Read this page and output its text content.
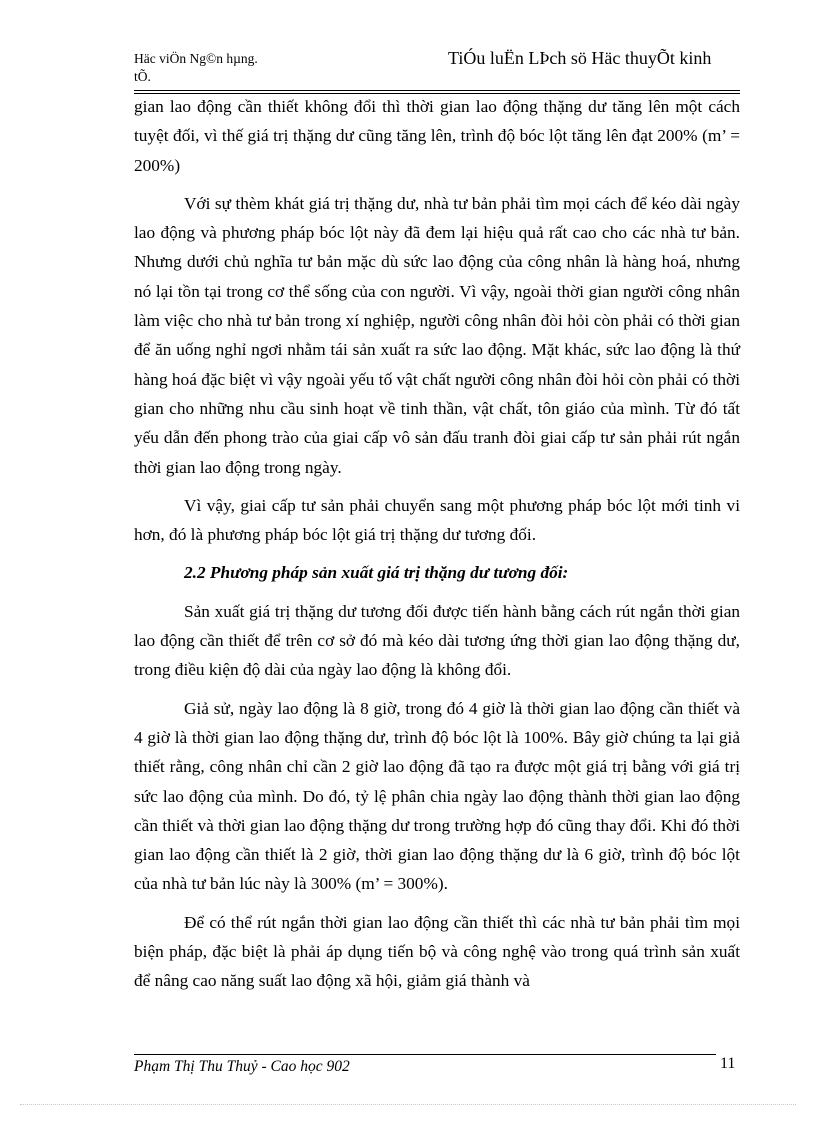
Häc viÖn Ng©n hµng.
tÕ.
TiÓu luËn LÞch sö Häc thuyÕt kinh

gian lao động cần thiết không đổi thì thời gian lao động thặng dư tăng lên một cách tuyệt đối, vì thế giá trị thặng dư cũng tăng lên, trình độ bóc lột tăng lên đạt 200% (m’ = 200%)

Với sự thèm khát giá trị thặng dư, nhà tư bản phải tìm mọi cách để kéo dài ngày lao động và phương pháp bóc lột này đã đem lại hiệu quả rất cao cho các nhà tư bản. Nhưng dưới chủ nghĩa tư bản mặc dù sức lao động của công nhân là hàng hoá, nhưng nó lại tồn tại trong cơ thể sống của con người. Vì vậy, ngoài thời gian người công nhân làm việc cho nhà tư bản trong xí nghiệp, người công nhân đòi hỏi còn phải có thời gian để ăn uống nghỉ ngơi nhằm tái sản xuất ra sức lao động. Mặt khác, sức lao động là thứ hàng hoá đặc biệt vì vậy ngoài yếu tố vật chất người công nhân đòi hỏi còn phải có thời gian cho những nhu cầu sinh hoạt về tinh thần, vật chất, tôn giáo của mình. Từ đó tất yếu dẫn đến phong trào của giai cấp vô sản đấu tranh đòi giai cấp tư sản phải rút ngắn thời gian lao động trong ngày.

Vì vậy, giai cấp tư sản phải chuyển sang một phương pháp bóc lột mới tinh vi hơn, đó là phương pháp bóc lột giá trị thặng dư tương đối.

2.2 Phương pháp sản xuất giá trị thặng dư tương đối:

Sản xuất giá trị thặng dư tương đối được tiến hành bằng cách rút ngắn thời gian lao động cần thiết để trên cơ sở đó mà kéo dài tương ứng thời gian lao động thặng dư, trong điều kiện độ dài của ngày lao động là không đổi.

Giả sử, ngày lao động là 8 giờ, trong đó 4 giờ là thời gian lao động cần thiết và 4 giờ là thời gian lao động thặng dư, trình độ bóc lột là 100%. Bây giờ chúng ta lại giả thiết rằng, công nhân chỉ cần 2 giờ lao động đã tạo ra được một giá trị bằng với giá trị sức lao động của mình. Do đó, tỷ lệ phân chia ngày lao động thành thời gian lao động cần thiết và thời gian lao động thặng dư trong trường hợp đó cũng thay đổi. Khi đó thời gian lao động cần thiết là 2 giờ, thời gian lao động thặng dư là 6 giờ, trình độ bóc lột của nhà tư bản lúc này là 300% (m’ = 300%).

Để có thể rút ngắn thời gian lao động cần thiết thì các nhà tư bản phải tìm mọi biện pháp, đặc biệt là phải áp dụng tiến bộ và công nghệ vào trong quá trình sản xuất để nâng cao năng suất lao động xã hội, giảm giá thành và

Phạm Thị Thu Thuỷ - Cao học 902	11
